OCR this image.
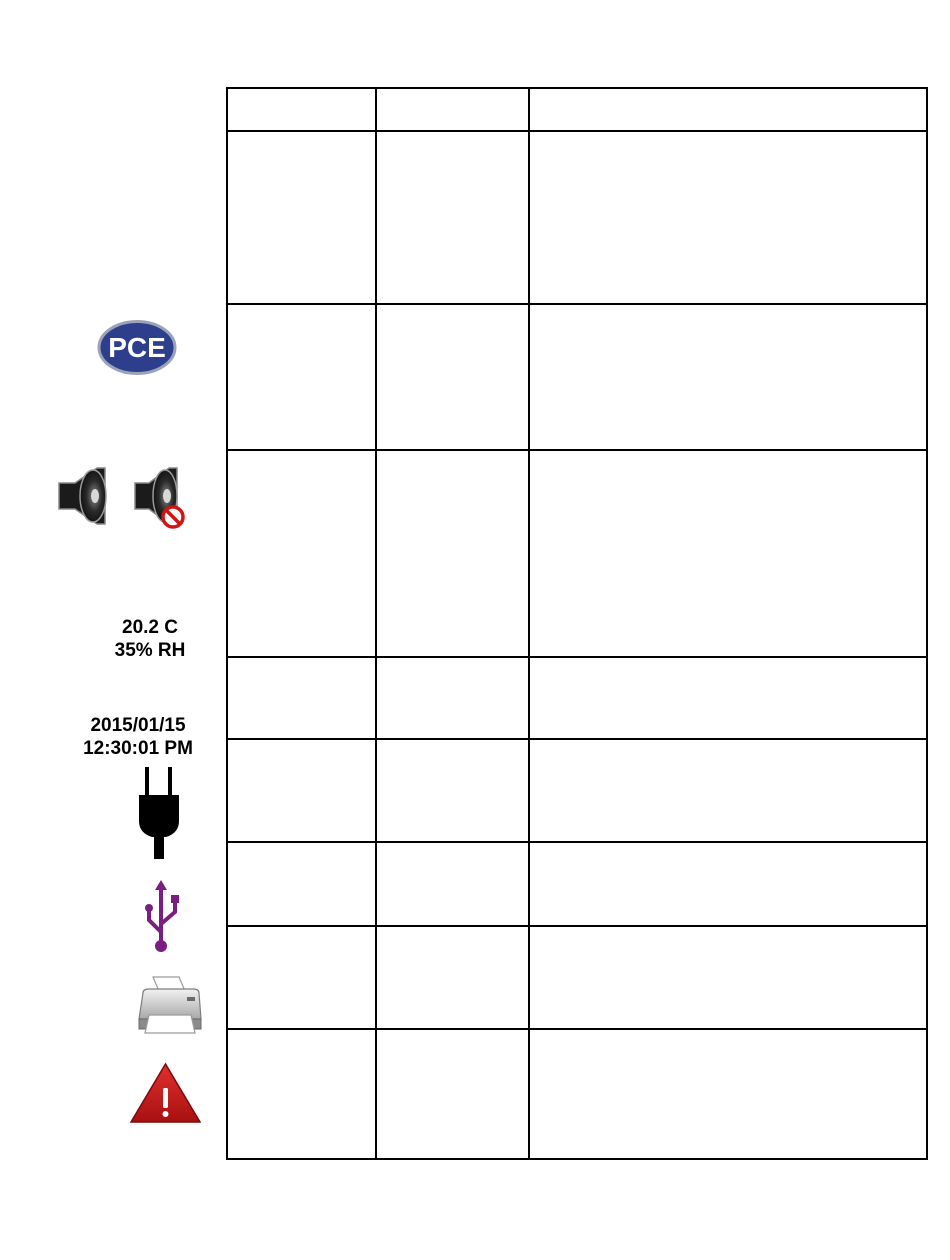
PCE
20.2 C
35% RH
2015/01/15
12:30:01 PM
